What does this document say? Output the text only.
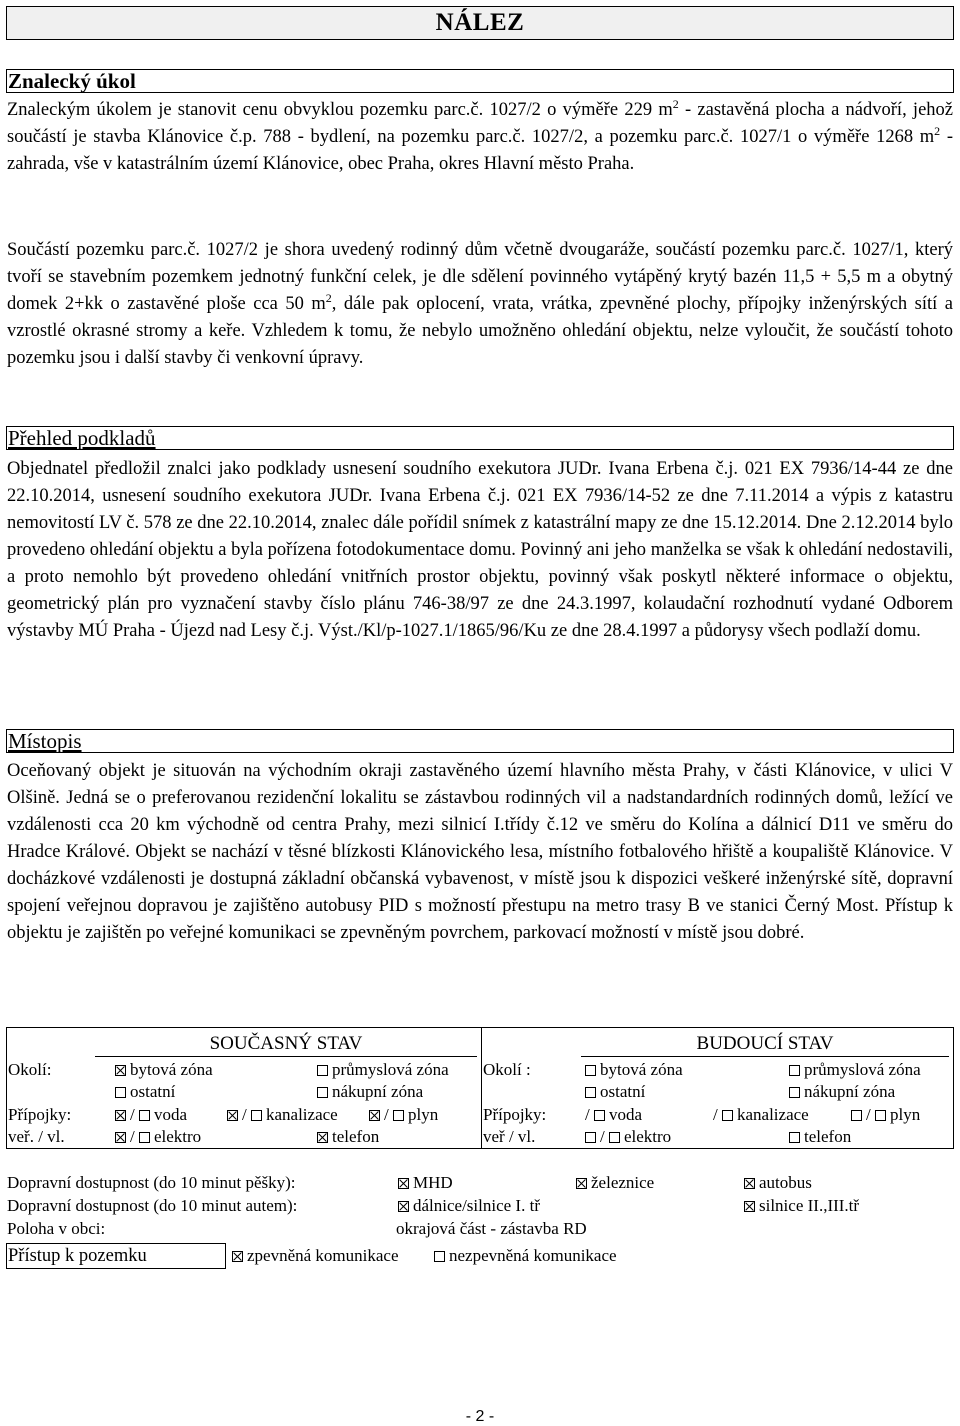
NÁLEZ
Znalecký úkol

Znaleckým úkolem je stanovit cenu obvyklou pozemku parc.č. 1027/2 o výměře 229 $m^2$ - zastavěná plocha a nádvoří, jehož součástí je stavba Klánovice č.p. 788 - bydlení, na pozemku parc.č. 1027/2, a pozemku parc.č. 1027/1 o výměře 1268 $m^2$ - zahrada, vše v katastrálním území Klánovice, obec Praha, okres Hlavní město Praha.

Součástí pozemku parc.č. 1027/2 je shora uvedený rodinný dům včetně dvougaráže, součástí pozemku parc.č. 1027/1, který tvoří se stavebním pozemkem jednotný funkční celek, je dle sdělení povinného vytápěný krytý bazén 11,5 + 5,5 m a obytný domek 2+kk o zastavěné ploše cca 50 $m^2$, dále pak oplocení, vrata, vrátka, zpevněné plochy, přípojky inženýrských sítí a vzrostlé okrasné stromy a keře. Vzhledem k tomu, že nebylo umožněno ohledání objektu, nelze vyloučit, že součástí tohoto pozemku jsou i další stavby či venkovní úpravy.

Přehled podkladů

Objednatel předložil znalci jako podklady usnesení soudního exekutora JUDr. Ivana Erbena č.j. 021 EX 7936/14-44 ze dne 22.10.2014, usnesení soudního exekutora JUDr. Ivana Erbena č.j. 021 EX 7936/14-52 ze dne 7.11.2014 a výpis z katastru nemovitostí LV č. 578 ze dne 22.10.2014, znalec dále pořídil snímek z katastrální mapy ze dne 15.12.2014. Dne 2.12.2014 bylo provedeno ohledání objektu a byla pořízena fotodokumentace domu. Povinný ani jeho manželka se však k ohledání nedostavili, a proto nemohlo být provedeno ohledání vnitřních prostor objektu, povinný však poskytl některé informace o objektu, geometrický plán pro vyznačení stavby číslo plánu 746-38/97 ze dne 24.3.1997, kolaudační rozhodnutí vydané Odborem výstavby MÚ Praha - Újezd nad Lesy č.j. Výst./Kl/p-1027.1/1865/96/Ku ze dne 28.4.1997 a půdorysy všech podlaží domu.

Místopis

Oceňovaný objekt je situován na východním okraji zastavěného území hlavního města Prahy, v části Klánovice, v ulici V Olšině. Jedná se o preferovanou rezidenční lokalitu se zástavbou rodinných vil a nadstandardních rodinných domů, ležící ve vzdálenosti cca 20 km východně od centra Prahy, mezi silnicí I.třídy č.12 ve směru do Kolína a dálnicí D11 ve směru do Hradce Králové. Objekt se nachází v těsné blízkosti Klánovického lesa, místního fotbalového hřiště a koupaliště Klánovice. V docházkové vzdálenosti je dostupná základní občanská vybavenost, v místě jsou k dispozici veškeré inženýrské sítě, dopravní spojení veřejnou dopravou je zajištěno autobusy PID s možností přestupu na metro trasy B ve stanici Černý Most. Přístup k objektu je zajištěn po veřejné komunikaci se zpevněným povrchem, parkovací možností v místě jsou dobré.

SOUČASNÝ STAV
Okolí:	bytová zóna	průmyslová zóna
ostatní	nákupní zóna
Přípojky:	/ voda	/ kanalizace	/ plyn
veř. / vl.	/ elektro	telefon
BUDOUCÍ STAV
Okolí :	bytová zóna	průmyslová zóna
ostatní	nákupní zóna
Přípojky: / voda	/ kanalizace	/ plyn
veř / vl.	/ elektro	telefon
Dopravní dostupnost (do 10 minut pěšky):	MHD	železnice	autobus
Dopravní dostupnost (do 10 minut autem):	dálnice/silnice I. tř	silnice II.,III.tř
Poloha v obci:	okrajová část - zástavba RD
Přístup k pozemku	zpevněná komunikace	nezpevněná komunikace
- 2 -
